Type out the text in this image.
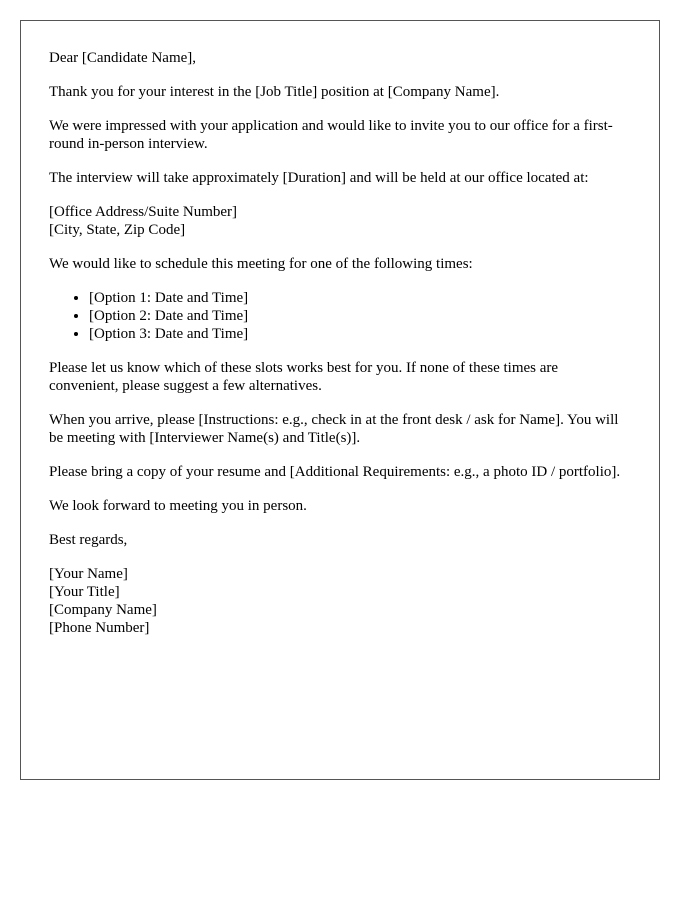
Dear [Candidate Name],

Thank you for your interest in the [Job Title] position at [Company Name].

We were impressed with your application and would like to invite you to our office for a first-round in-person interview.

The interview will take approximately [Duration] and will be held at our office located at:

[Office Address/Suite Number]
[City, State, Zip Code]

We would like to schedule this meeting for one of the following times:

• [Option 1: Date and Time]
• [Option 2: Date and Time]
• [Option 3: Date and Time]

Please let us know which of these slots works best for you. If none of these times are convenient, please suggest a few alternatives.

When you arrive, please [Instructions: e.g., check in at the front desk / ask for Name]. You will be meeting with [Interviewer Name(s) and Title(s)].

Please bring a copy of your resume and [Additional Requirements: e.g., a photo ID / portfolio].

We look forward to meeting you in person.

Best regards,

[Your Name]
[Your Title]
[Company Name]
[Phone Number]
